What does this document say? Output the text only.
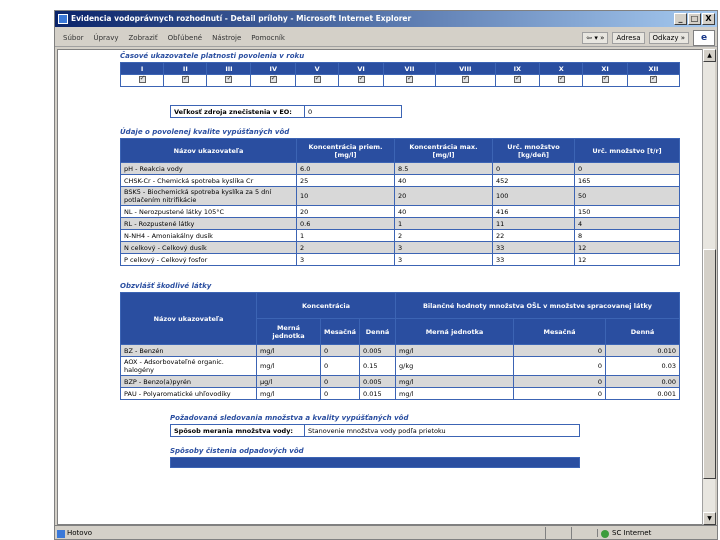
Evidencia vodoprávnych rozhodnutí - Detail prílohy - Microsoft Internet Explorer	_	□ X
Súbor Úpravy Zobraziť Obľúbené Nástroje Pomocník	⇦ ▾ »	Adresa	Odkazy »	e
Časové ukazovatele platnosti povolenia v roku
I	II	III	IV	V	VI	VII	VIII	IX	X	XI	XII
✓	✓	✓	✓	✓	✓	✓	✓	✓	✓	✓	✓
Veľkosť zdroja znečistenia v EO:	0
Údaje o povolenej kvalite vypúšťaných vôd
Názov ukazovateľa	Koncentrácia priem. [mg/l]	Koncentrácia max. [mg/l]	Urč. množstvo [kg/deň]	Urč. množstvo [t/r]
pH - Reakcia vody	6.0	8.5	0	0
CHSK-Cr - Chemická spotreba kyslíka Cr	25	40	452	165
BSK5 - Biochemická spotreba kyslíka za 5 dní potlačením nitrifikácie	10	20	100	50
NL - Nerozpustené látky 105°C	20	40	416	150
RL - Rozpustené látky	0.6	1	11	4
N-NH4 - Amoniakálny dusík	1	2	22	8
N celkový - Celkový dusík	2	3	33	12
P celkový - Celkový fosfor	3	3	33	12
Obzvlášť škodlivé látky
Názov ukazovateľa	Koncentrácia			Bilančné hodnoty množstva OŠL v množstve spracovanej látky		
	Merná jednotka	Mesačná	Denná	Merná jednotka	Mesačná	Denná
BZ - Benzén	mg/l	0	0.005	mg/l	0	0.010
AOX - Adsorbovateľné organic. halogény	mg/l	0	0.15	g/kg	0	0.03
BZP - Benzo(a)pyrén	µg/l	0	0.005	mg/l	0	0.00
PAU - Polyaromatické uhľovodíky	mg/l	0	0.015	mg/l	0	0.001
Požadovaná sledovania množstva a kvality vypúšťaných vôd
Spôsob merania množstva vody:	Stanovenie množstva vody podľa prietoku
Spôsoby čistenia odpadových vôd
▲
▼
Hotovo	SC Internet
